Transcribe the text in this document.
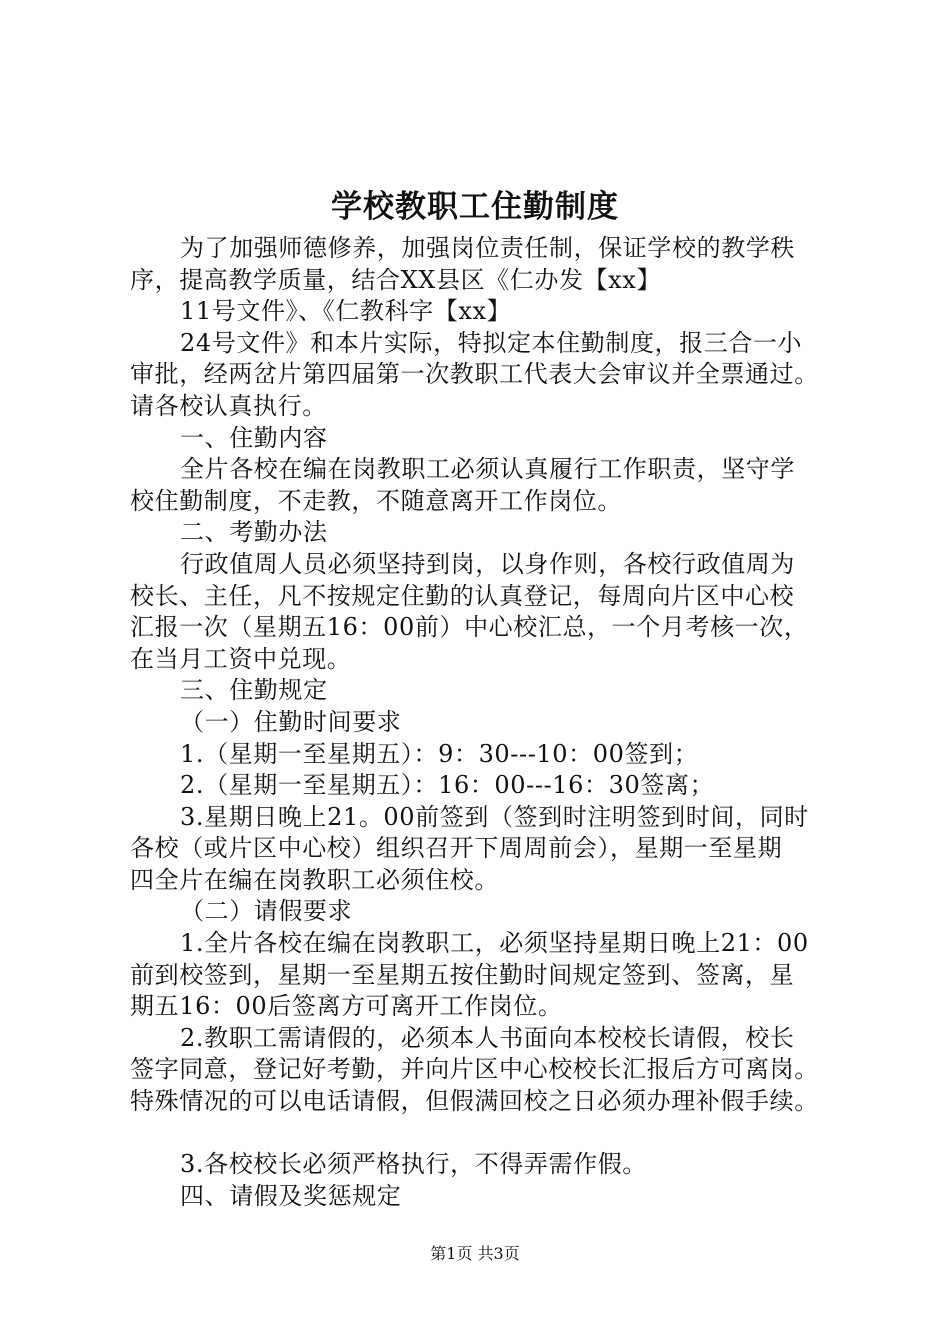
学校教职工住勤制度
为了加强师德修养，加强岗位责任制，保证学校的教学秩
序，提高教学质量，结合XX县区《仁办发【xx】
11号文件》、《仁教科字【xx】
24号文件》和本片实际，特拟定本住勤制度，报三合一小
审批，经两岔片第四届第一次教职工代表大会审议并全票通过。
请各校认真执行。
一、住勤内容
全片各校在编在岗教职工必须认真履行工作职责，坚守学
校住勤制度，不走教，不随意离开工作岗位。
二、考勤办法
行政值周人员必须坚持到岗，以身作则，各校行政值周为
校长、主任，凡不按规定住勤的认真登记，每周向片区中心校
汇报一次（星期五16：00前）中心校汇总，一个月考核一次，
在当月工资中兑现。
三、住勤规定
（一）住勤时间要求
1.（星期一至星期五）：9：30---10：00签到；
2.（星期一至星期五）：16：00---16：30签离；
3.星期日晚上21。00前签到（签到时注明签到时间，同时
各校（或片区中心校）组织召开下周周前会），星期一至星期
四全片在编在岗教职工必须住校。
（二）请假要求
1.全片各校在编在岗教职工，必须坚持星期日晚上21：00
前到校签到，星期一至星期五按住勤时间规定签到、签离，星
期五16：00后签离方可离开工作岗位。
2.教职工需请假的，必须本人书面向本校校长请假，校长
签字同意，登记好考勤，并向片区中心校校长汇报后方可离岗。
特殊情况的可以电话请假，但假满回校之日必须办理补假手续。
3.各校校长必须严格执行，不得弄需作假。
四、请假及奖惩规定
第1页 共3页
